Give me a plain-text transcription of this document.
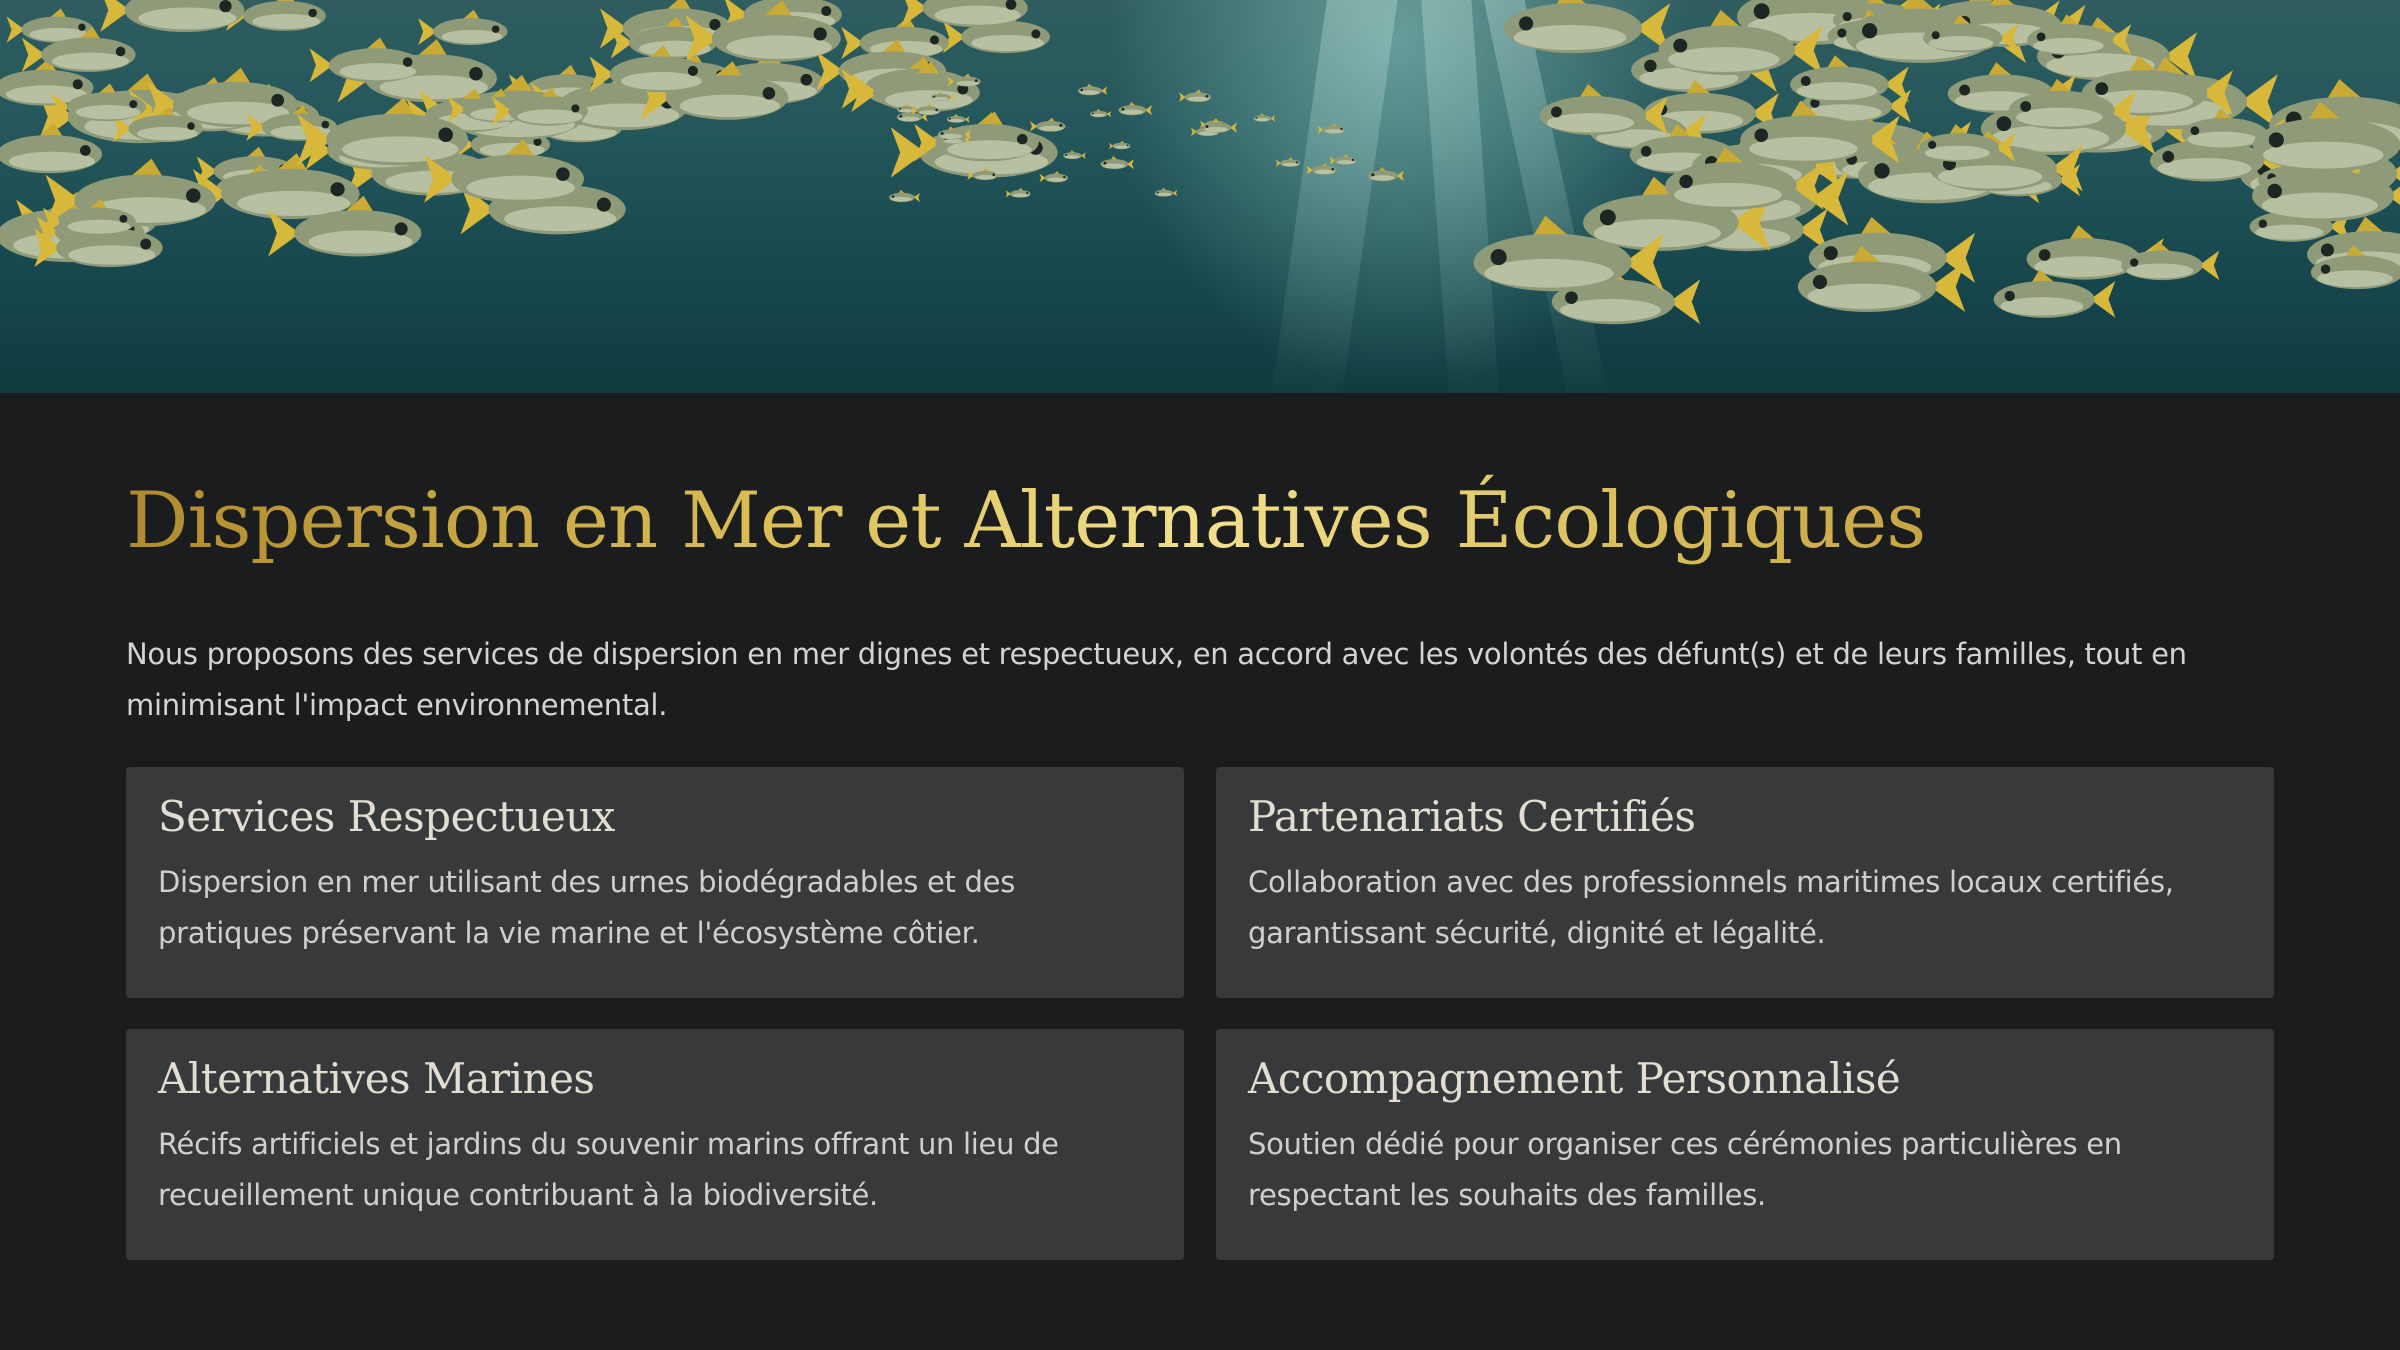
Dispersion en Mer et Alternatives Écologiques

Nous proposons des services de dispersion en mer dignes et respectueux, en accord avec les volontés des défunt(s) et de leurs familles, tout en minimisant l'impact environnemental.

Services Respectueux

Dispersion en mer utilisant des urnes biodégradables et des pratiques préservant la vie marine et l'écosystème côtier.

Partenariats Certifiés

Collaboration avec des professionnels maritimes locaux certifiés, garantissant sécurité, dignité et légalité.

Alternatives Marines

Récifs artificiels et jardins du souvenir marins offrant un lieu de recueillement unique contribuant à la biodiversité.

Accompagnement Personnalisé

Soutien dédié pour organiser ces cérémonies particulières en respectant les souhaits des familles.
